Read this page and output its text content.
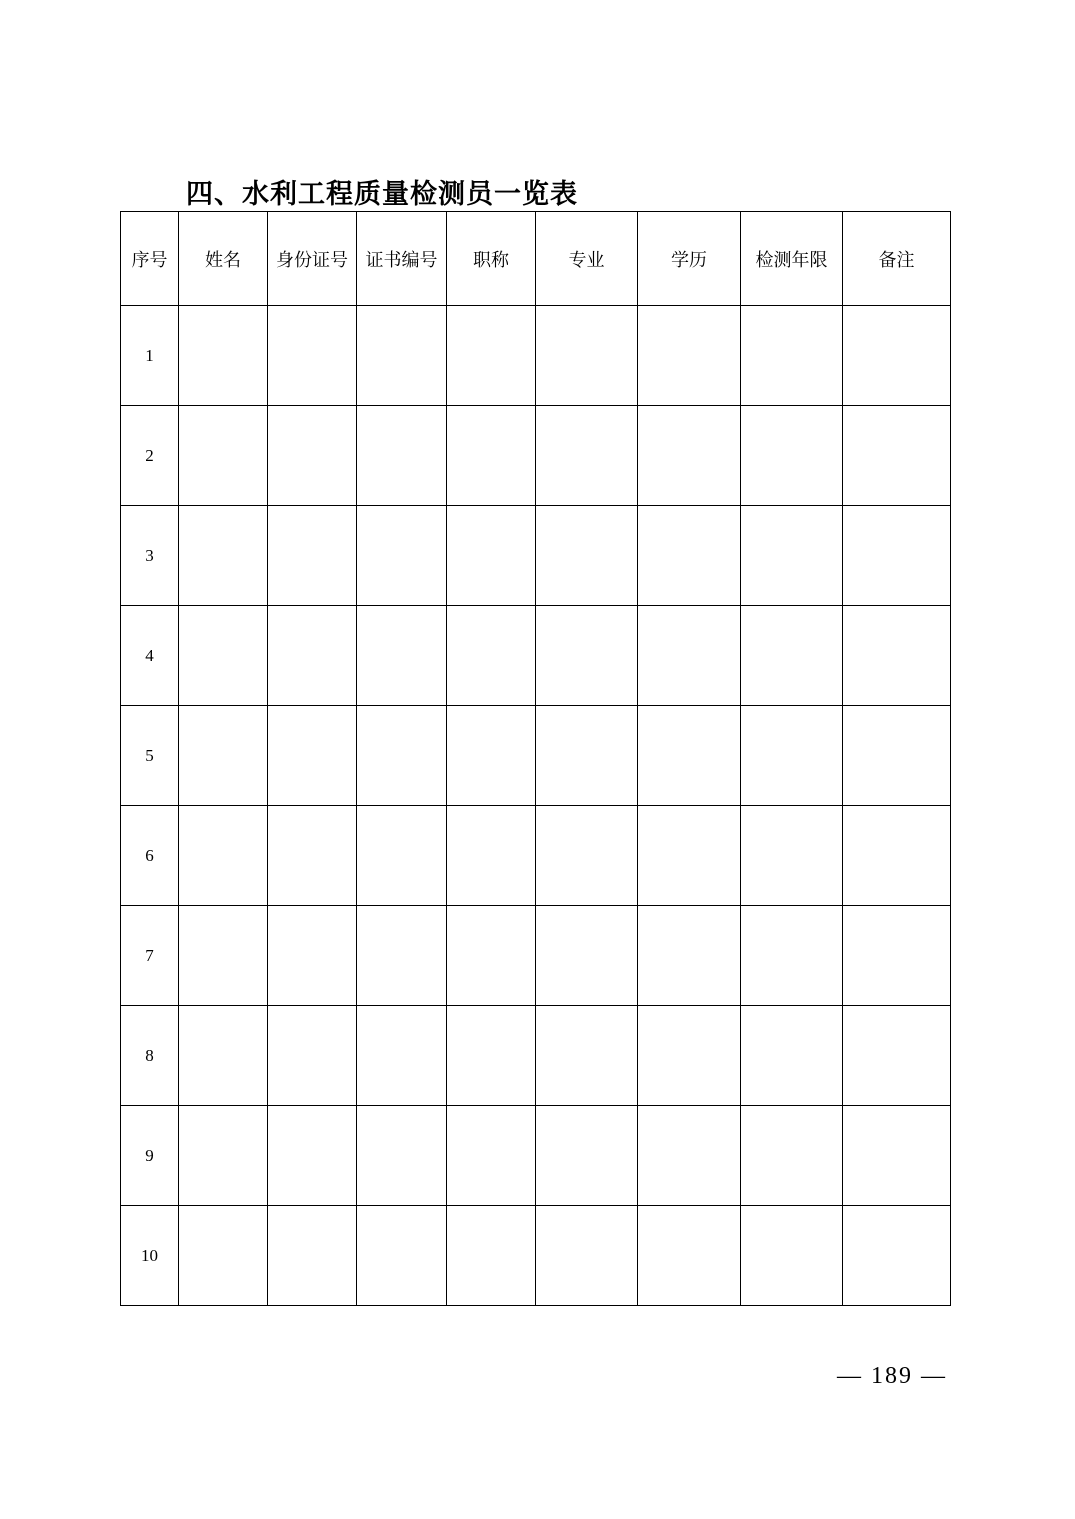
四、水利工程质量检测员一览表
序号	姓名	身份证号	证书编号	职称	专业	学历	检测年限	备注
1								
2								
3								
4								
5								
6								
7								
8								
9								
10								
— 189 —
